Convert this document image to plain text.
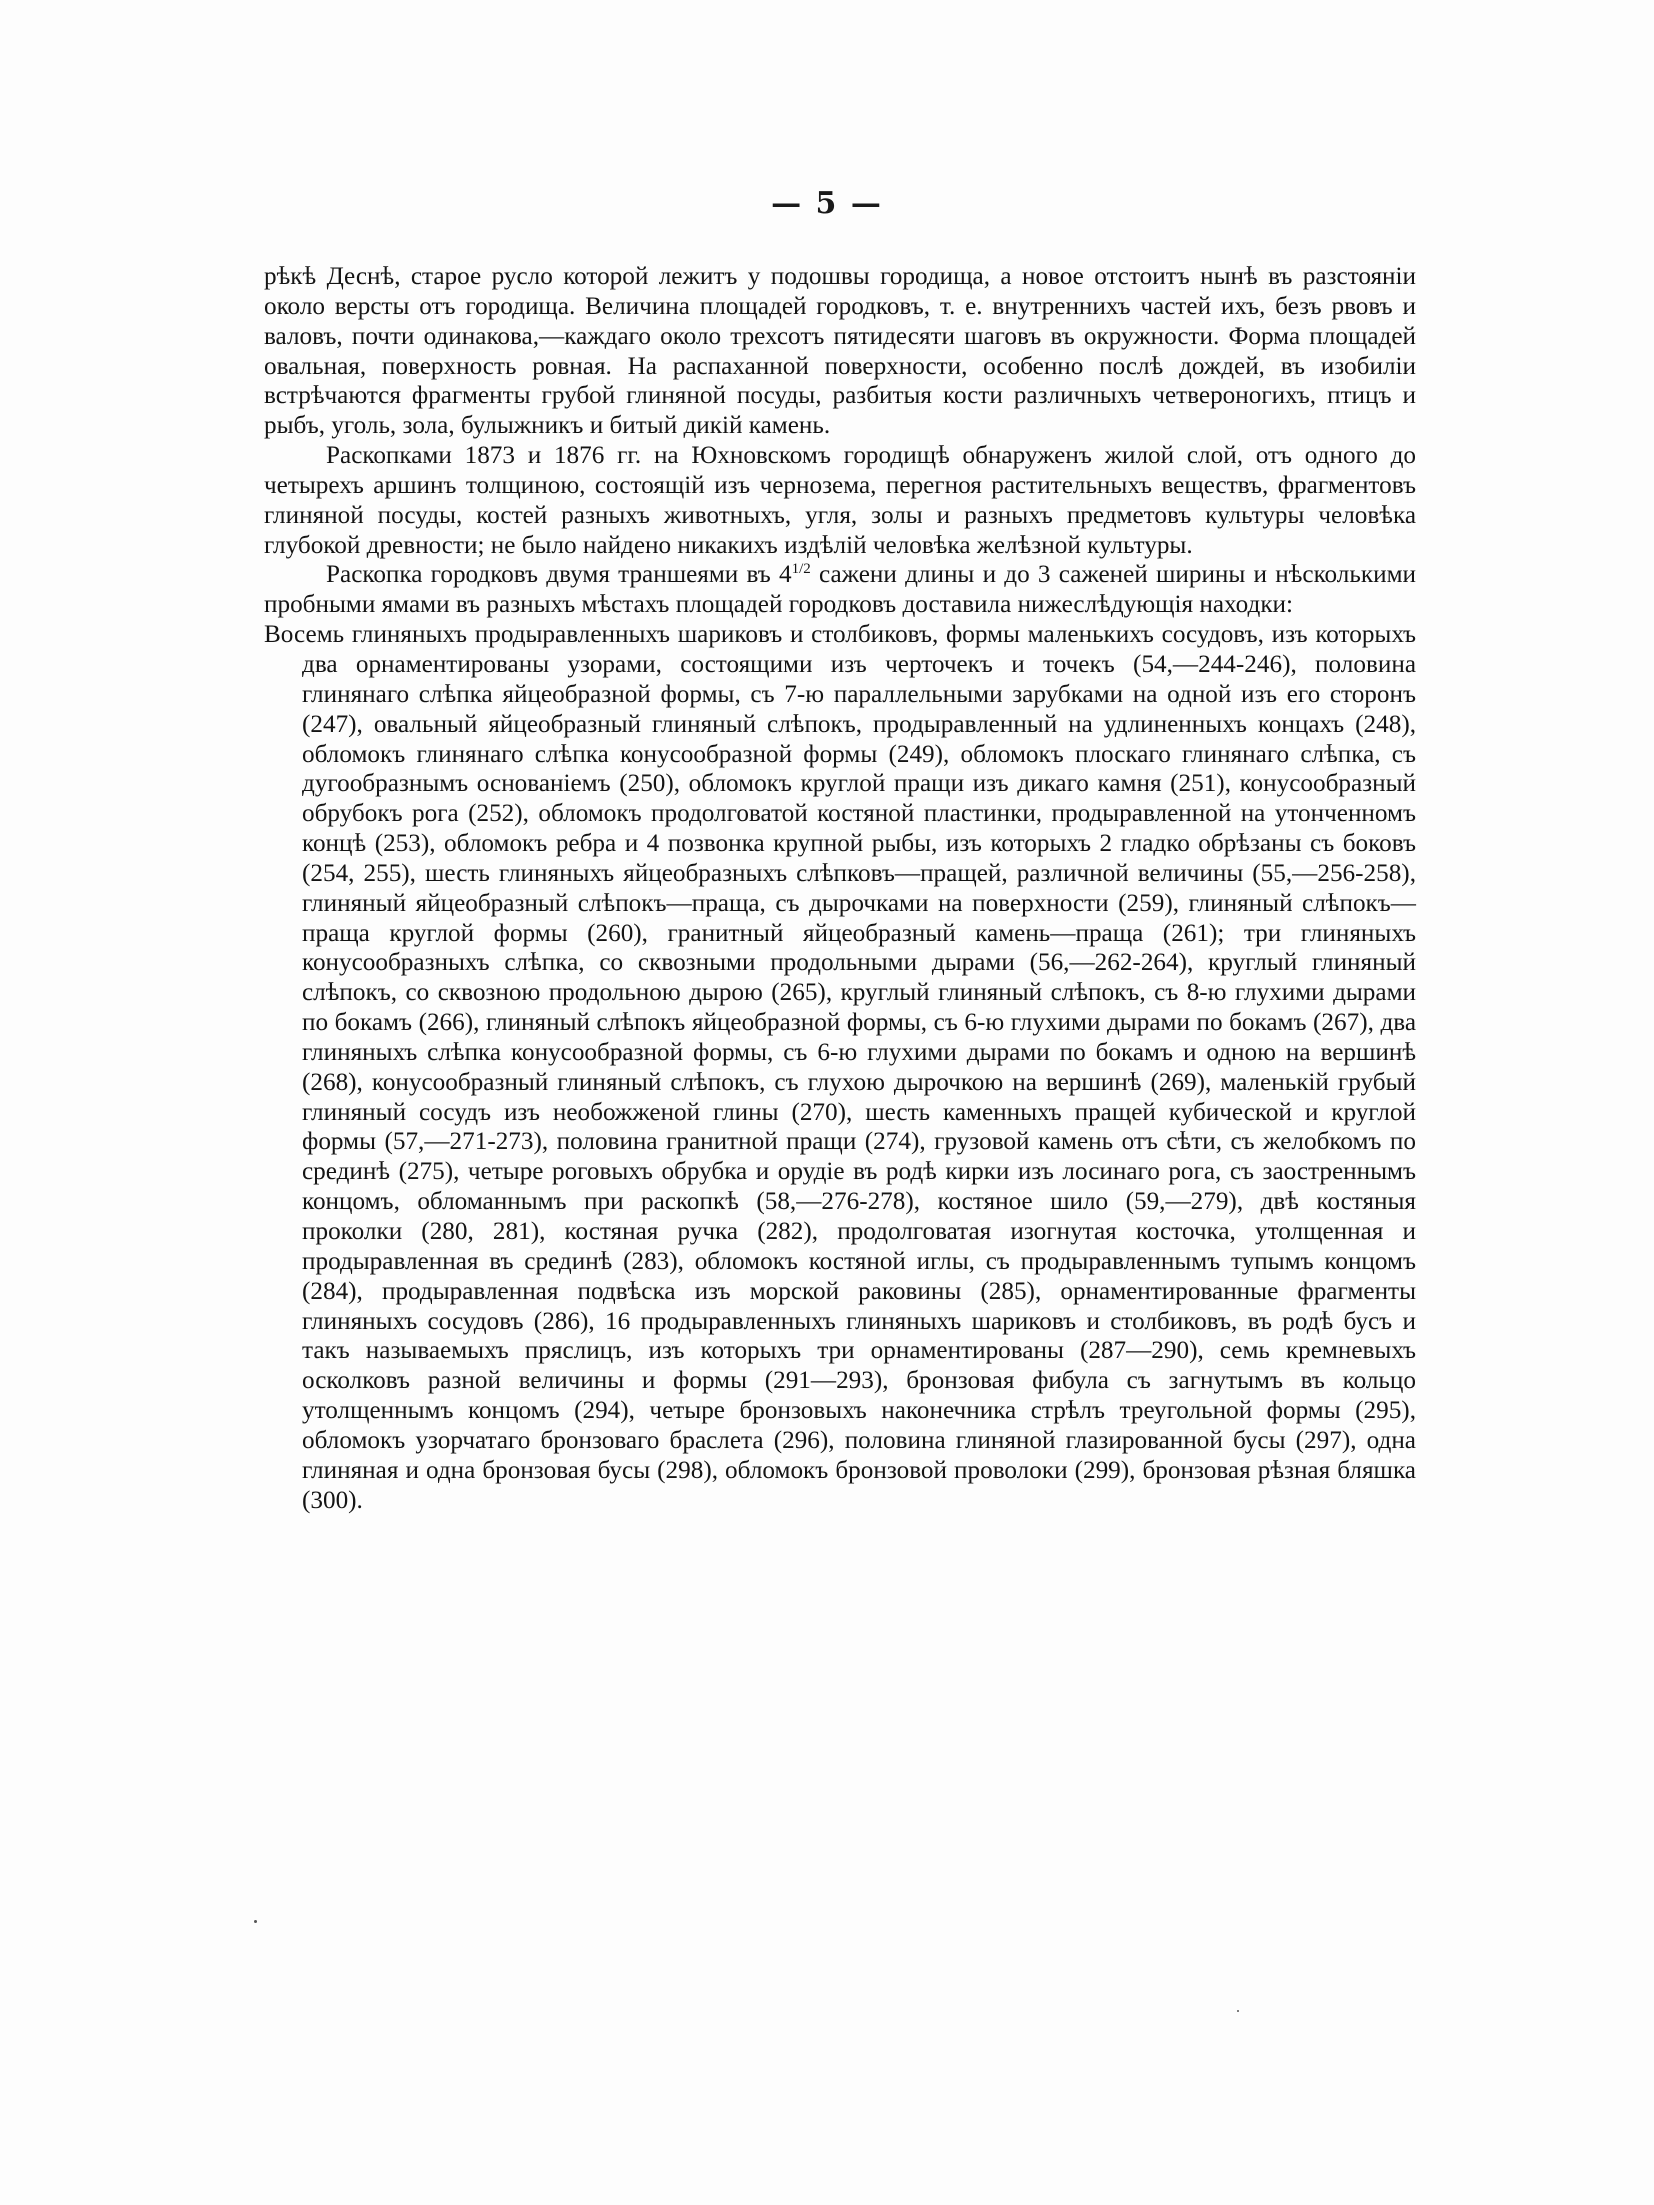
— 5 —

рѣкѣ Деснѣ, старое русло которой лежитъ у подошвы городища, а новое отстоитъ нынѣ въ разстояніи около версты отъ городища. Величина площадей городковъ, т. е. внутреннихъ частей ихъ, безъ рвовъ и валовъ, почти одинакова,—каждаго около трехсотъ пятидесяти шаговъ въ окружности. Форма площадей овальная, поверхность ровная. На распаханной поверхности, особенно послѣ дождей, въ изобиліи встрѣчаются фрагменты грубой глиняной посуды, разбитыя кости различныхъ четвероногихъ, птицъ и рыбъ, уголь, зола, булыжникъ и битый дикій камень.

Раскопками 1873 и 1876 гг. на Юхновскомъ городищѣ обнаруженъ жилой слой, отъ одного до четырехъ аршинъ толщиною, состоящій изъ чернозема, перегноя растительныхъ веществъ, фрагментовъ глиняной посуды, костей разныхъ животныхъ, угля, золы и разныхъ предметовъ культуры человѣка глубокой древности; не было найдено никакихъ издѣлій человѣка желѣзной культуры.

Раскопка городковъ двумя траншеями въ $4^{1/2}$ сажени длины и до 3 саженей ширины и нѣсколькими пробными ямами въ разныхъ мѣстахъ площадей городковъ доставила нижеслѣдующія находки:

Восемь глиняныхъ продыравленныхъ шариковъ и столбиковъ, формы маленькихъ сосудовъ, изъ которыхъ два орнаментированы узорами, состоящими изъ черточекъ и точекъ (54,—244-246), половина глинянаго слѣпка яйцеобразной формы, съ 7-ю параллельными зарубками на одной изъ его сторонъ (247), овальный яйцеобразный глиняный слѣпокъ, продыравленный на удлиненныхъ концахъ (248), обломокъ глинянаго слѣпка конусообразной формы (249), обломокъ плоскаго глинянаго слѣпка, съ дугообразнымъ основаніемъ (250), обломокъ круглой пращи изъ дикаго камня (251), конусообразный обрубокъ рога (252), обломокъ продолговатой костяной пластинки, продыравленной на утонченномъ концѣ (253), обломокъ ребра и 4 позвонка крупной рыбы, изъ которыхъ 2 гладко обрѣзаны съ боковъ (254, 255), шесть глиняныхъ яйцеобразныхъ слѣпковъ—пращей, различной величины (55,—256-258), глиняный яйцеобразный слѣпокъ—праща, съ дырочками на поверхности (259), глиняный слѣпокъ—праща круглой формы (260), гранитный яйцеобразный камень—праща (261); три глиняныхъ конусообразныхъ слѣпка, со сквозными продольными дырами (56,—262-264), круглый глиняный слѣпокъ, со сквозною продольною дырою (265), круглый глиняный слѣпокъ, съ 8-ю глухими дырами по бокамъ (266), глиняный слѣпокъ яйцеобразной формы, съ 6-ю глухими дырами по бокамъ (267), два глиняныхъ слѣпка конусообразной формы, съ 6-ю глухими дырами по бокамъ и одною на вершинѣ (268), конусообразный глиняный слѣпокъ, съ глухою дырочкою на вершинѣ (269), маленькій грубый глиняный сосудъ изъ необожженой глины (270), шесть каменныхъ пращей кубической и круглой формы (57,—271-273), половина гранитной пращи (274), грузовой камень отъ сѣти, съ желобкомъ по срединѣ (275), четыре роговыхъ обрубка и орудіе въ родѣ кирки изъ лосинаго рога, съ заостреннымъ концомъ, обломаннымъ при раскопкѣ (58,—276-278), костяное шило (59,—279), двѣ костяныя проколки (280, 281), костяная ручка (282), продолговатая изогнутая косточка, утолщенная и продыравленная въ срединѣ (283), обломокъ костяной иглы, съ продыравленнымъ тупымъ концомъ (284), продыравленная подвѣска изъ морской раковины (285), орнаментированные фрагменты глиняныхъ сосудовъ (286), 16 продыравленныхъ глиняныхъ шариковъ и столбиковъ, въ родѣ бусъ и такъ называемыхъ пряслицъ, изъ которыхъ три орнаментированы (287—290), семь кремневыхъ осколковъ разной величины и формы (291—293), бронзовая фибула съ загнутымъ въ кольцо утолщеннымъ концомъ (294), четыре бронзовыхъ наконечника стрѣлъ треугольной формы (295), обломокъ узорчатаго бронзоваго браслета (296), половина глиняной глазированной бусы (297), одна глиняная и одна бронзовая бусы (298), обломокъ бронзовой проволоки (299), бронзовая рѣзная бляшка (300).
